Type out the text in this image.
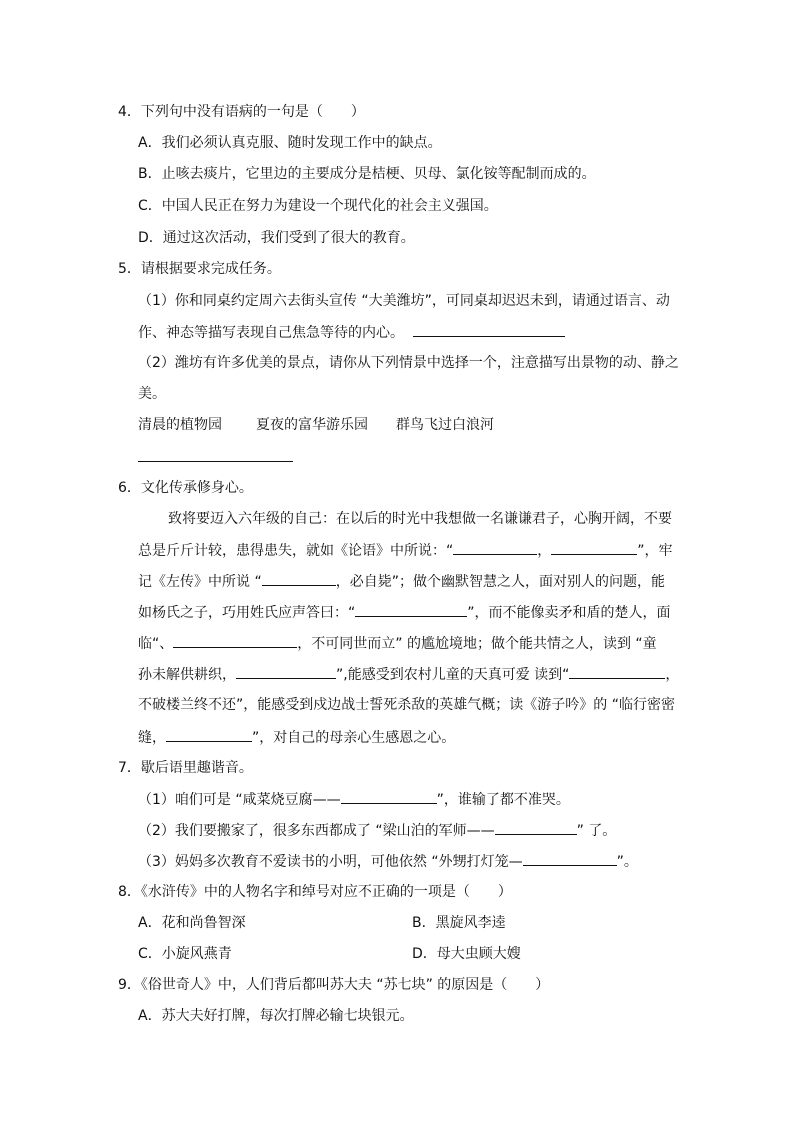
4．下列句中没有语病的一句是（　　）
A．我们必须认真克服、随时发现工作中的缺点。
B．止咳去痰片，它里边的主要成分是桔梗、贝母、氯化铵等配制而成的。
C．中国人民正在努力为建设一个现代化的社会主义强国。
D．通过这次活动，我们受到了很大的教育。
5．请根据要求完成任务。
（1）你和同桌约定周六去街头宣传 “大美潍坊”，可同桌却迟迟未到，请通过语言、动
作、神态等描写表现自己焦急等待的内心。
（2）潍坊有许多优美的景点，请你从下列情景中选择一个，注意描写出景物的动、静之
美。
清晨的植物园 夏夜的富华游乐园 群鸟飞过白浪河
6．文化传承修身心。
致将要迈入六年级的自己：在以后的时光中我想做一名谦谦君子，心胸开阔，不要
总是斤斤计较，患得患失，就如《论语》中所说：“	，	”，牢
记《左传》中所说 “	，必自毙”；做个幽默智慧之人，面对别人的问题，能
如杨氏之子，巧用姓氏应声答曰：“	”，而不能像卖矛和盾的楚人，面
临“、	，不可同世而立” 的尴尬境地；做个能共情之人，读到 “童
孙未解供耕织，	”,能感受到农村儿童的天真可爱 读到“	，
不破楼兰终不还”，能感受到戍边战士誓死杀敌的英雄气概；读《游子吟》的 “临行密密
缝，	”，对自己的母亲心生感恩之心。
7．歇后语里趣谐音。
（1）咱们可是 “咸菜烧豆腐——	”，谁输了都不准哭。
（2）我们要搬家了，很多东西都成了 “梁山泊的军师——	” 了。
（3）妈妈多次教育不爱读书的小明，可他依然 “外甥打灯笼—	”。
8．《水浒传》中的人物名字和绰号对应不正确的一项是（　　）
A．花和尚鲁智深	B．黑旋风李逵
C．小旋风燕青	D．母大虫顾大嫂
9．《俗世奇人》中，人们背后都叫苏大夫 “苏七块” 的原因是（　　）
A．苏大夫好打牌，每次打牌必输七块银元。
